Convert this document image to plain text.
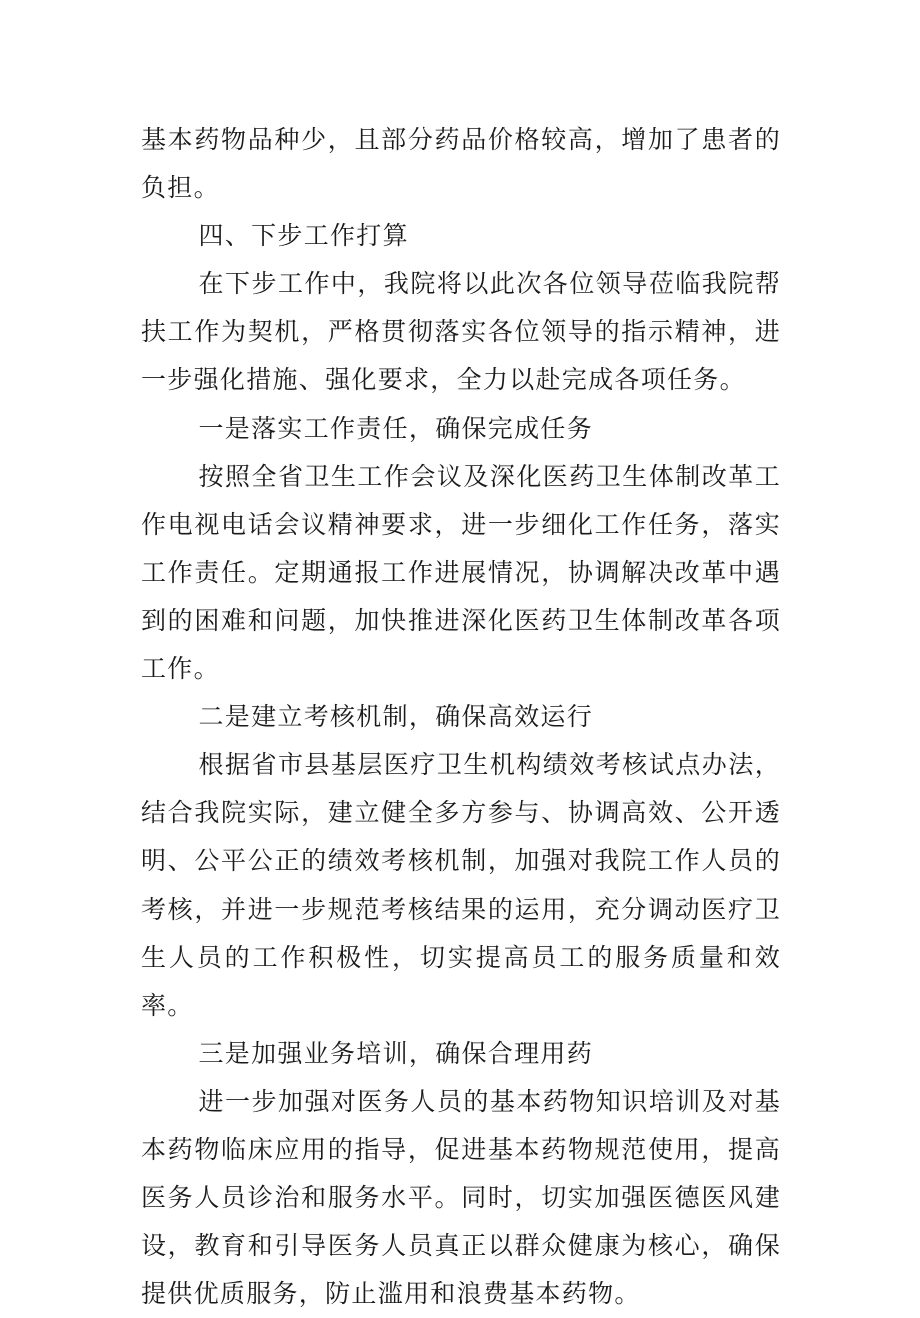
基本药物品种少，且部分药品价格较高，增加了患者的负担。

四、下步工作打算

在下步工作中，我院将以此次各位领导莅临我院帮扶工作为契机，严格贯彻落实各位领导的指示精神，进一步强化措施、强化要求，全力以赴完成各项任务。

一是落实工作责任，确保完成任务

按照全省卫生工作会议及深化医药卫生体制改革工作电视电话会议精神要求，进一步细化工作任务，落实工作责任。定期通报工作进展情况，协调解决改革中遇到的困难和问题，加快推进深化医药卫生体制改革各项工作。

二是建立考核机制，确保高效运行

根据省市县基层医疗卫生机构绩效考核试点办法，结合我院实际，建立健全多方参与、协调高效、公开透明、公平公正的绩效考核机制，加强对我院工作人员的考核，并进一步规范考核结果的运用，充分调动医疗卫生人员的工作积极性，切实提高员工的服务质量和效率。

三是加强业务培训，确保合理用药

进一步加强对医务人员的基本药物知识培训及对基本药物临床应用的指导，促进基本药物规范使用，提高医务人员诊治和服务水平。同时，切实加强医德医风建设，教育和引导医务人员真正以群众健康为核心，确保提供优质服务，防止滥用和浪费基本药物。
